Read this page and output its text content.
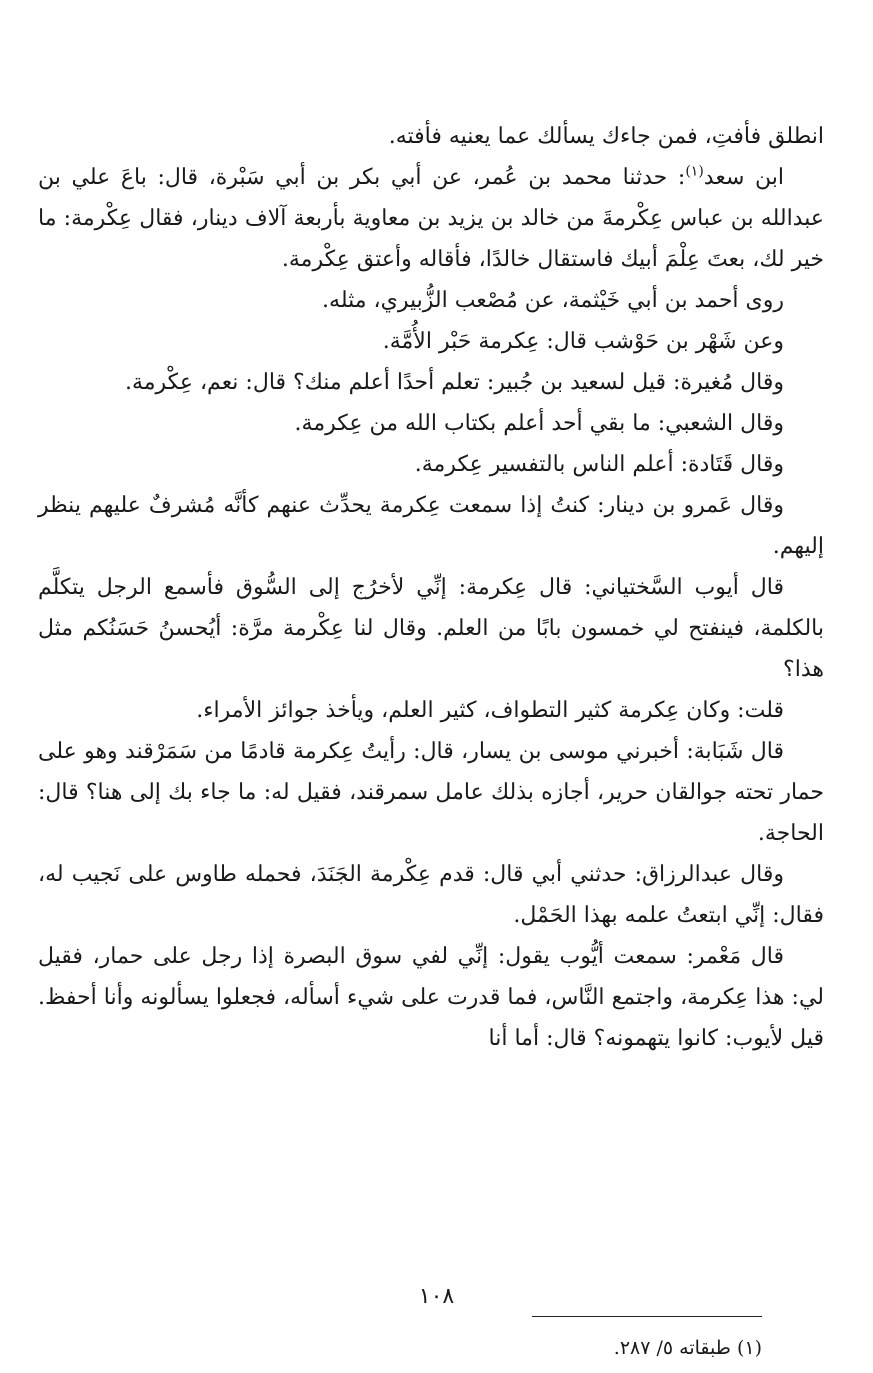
انطلق فأفتِ، فمن جاءك يسألك عما يعنيه فأفته.

ابن سعد$^{(١)}$: حدثنا محمد بن عُمر، عن أبي بكر بن أبي سَبْرة، قال: باعَ علي بن عبدالله بن عباس عِكْرمةَ من خالد بن يزيد بن معاوية بأربعة آلاف دينار، فقال عِكْرمة: ما خير لك، بعتَ عِلْمَ أبيك فاستقال خالدًا، فأقاله وأعتق عِكْرمة.

روى أحمد بن أبي خَيْثمة، عن مُصْعب الزُّبيري، مثله.

وعن شَهْر بن حَوْشب قال: عِكرمة حَبْر الأُمَّة.

وقال مُغيرة: قيل لسعيد بن جُبير: تعلم أحدًا أعلم منك؟ قال: نعم، عِكْرمة.

وقال الشعبي: ما بقي أحد أعلم بكتاب الله من عِكرمة.

وقال قَتَادة: أعلم الناس بالتفسير عِكرمة.

وقال عَمرو بن دينار: كنتُ إذا سمعت عِكرمة يحدِّث عنهم كأنَّه مُشرفٌ عليهم ينظر إليهم.

قال أيوب السَّختياني: قال عِكرمة: إنِّي لأخرُج إلى السُّوق فأسمع الرجل يتكلَّم بالكلمة، فينفتح لي خمسون بابًا من العلم. وقال لنا عِكْرمة مرَّة: أيُحسنُ حَسَنُكم مثل هذا؟

قلت: وكان عِكرمة كثير التطواف، كثير العلم، ويأخذ جوائز الأمراء.

قال شَبَابة: أخبرني موسى بن يسار، قال: رأيتُ عِكرمة قادمًا من سَمَرْقند وهو على حمار تحته جوالقان حرير، أجازه بذلك عامل سمرقند، فقيل له: ما جاء بك إلى هنا؟ قال: الحاجة.

وقال عبدالرزاق: حدثني أبي قال: قدم عِكْرمة الجَنَدَ، فحمله طاوس على نَجيب له، فقال: إنِّي ابتعتُ علمه بهذا الحَمْل.

قال مَعْمر: سمعت أيُّوب يقول: إنِّي لفي سوق البصرة إذا رجل على حمار، فقيل لي: هذا عِكرمة، واجتمع النَّاس، فما قدرت على شيء أسأله، فجعلوا يسألونه وأنا أحفظ. قيل لأيوب: كانوا يتهمونه؟ قال: أما أنا

(١) طبقاته ٥/ ٢٨٧.
١٠٨
